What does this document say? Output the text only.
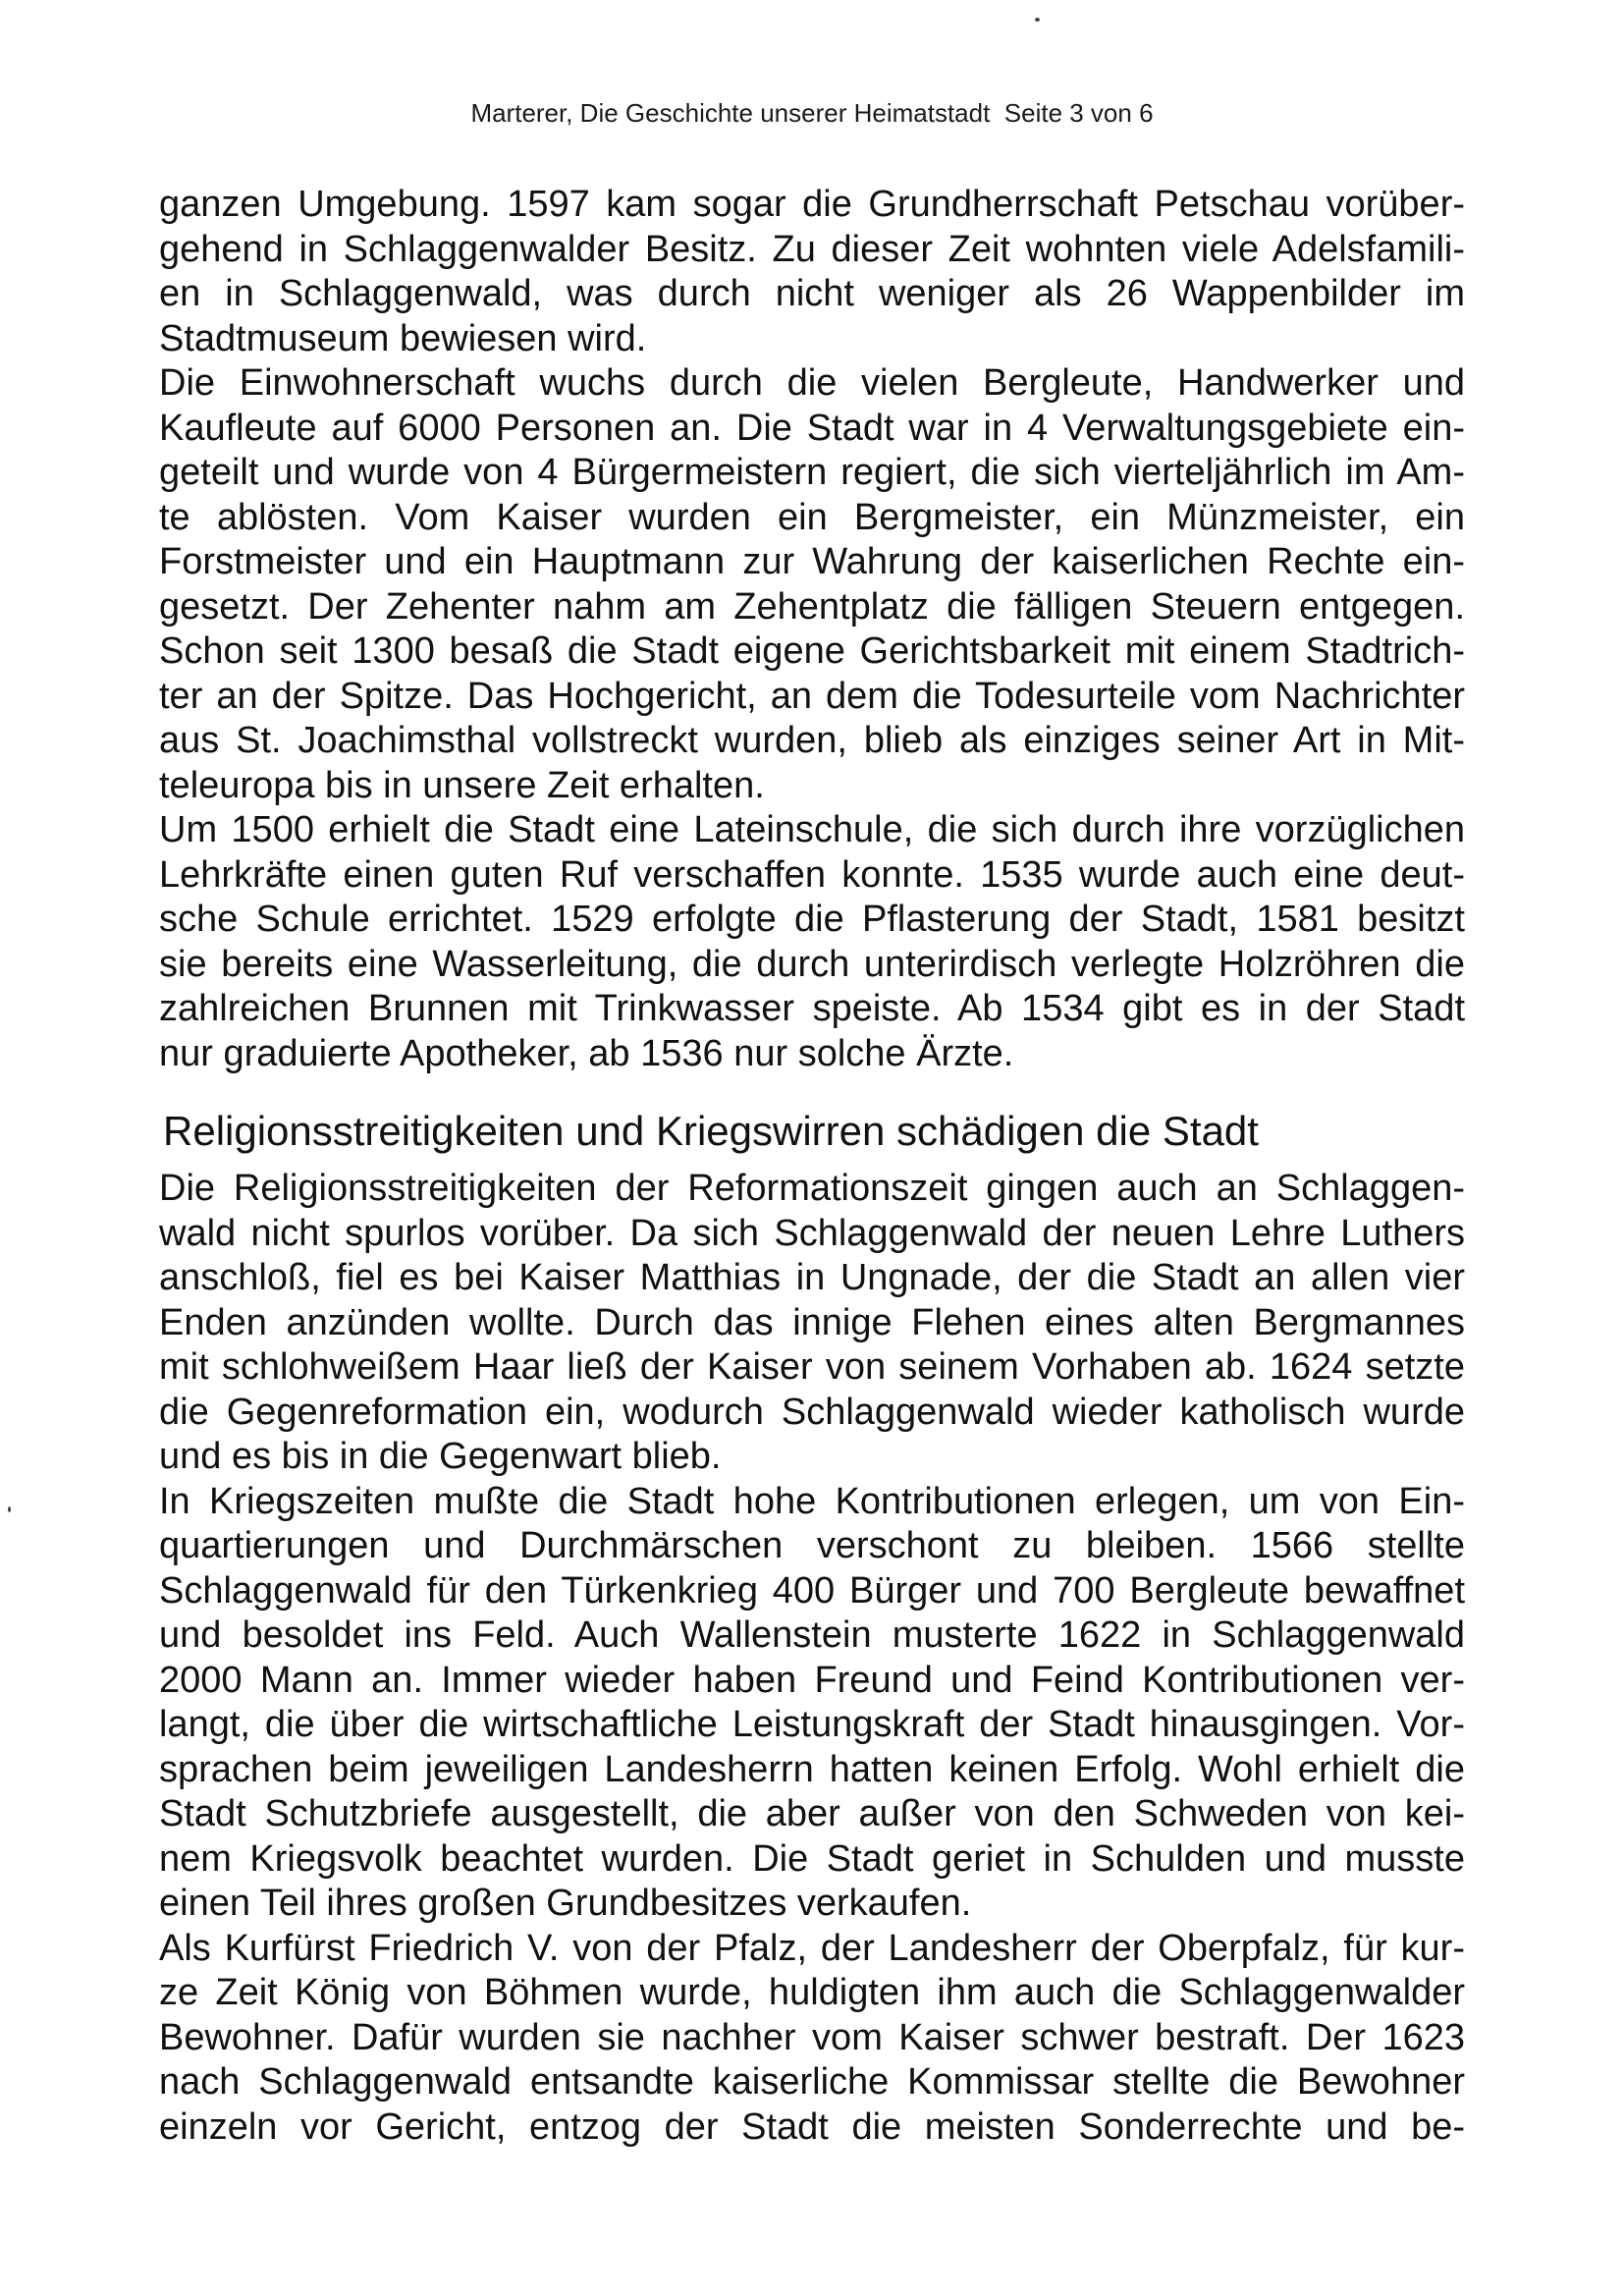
Marterer, Die Geschichte unserer Heimatstadt Seite 3 von 6
ganzen Umgebung. 1597 kam sogar die Grundherrschaft Petschau vorüber-
gehend in Schlaggenwalder Besitz. Zu dieser Zeit wohnten viele Adelsfamili-
en in Schlaggenwald, was durch nicht weniger als 26 Wappenbilder im
Stadtmuseum bewiesen wird.
Die Einwohnerschaft wuchs durch die vielen Bergleute, Handwerker und
Kaufleute auf 6000 Personen an. Die Stadt war in 4 Verwaltungsgebiete ein-
geteilt und wurde von 4 Bürgermeistern regiert, die sich vierteljährlich im Am-
te ablösten. Vom Kaiser wurden ein Bergmeister, ein Münzmeister, ein
Forstmeister und ein Hauptmann zur Wahrung der kaiserlichen Rechte ein-
gesetzt. Der Zehenter nahm am Zehentplatz die fälligen Steuern entgegen.
Schon seit 1300 besaß die Stadt eigene Gerichtsbarkeit mit einem Stadtrich-
ter an der Spitze. Das Hochgericht, an dem die Todesurteile vom Nachrichter
aus St. Joachimsthal vollstreckt wurden, blieb als einziges seiner Art in Mit-
teleuropa bis in unsere Zeit erhalten.
Um 1500 erhielt die Stadt eine Lateinschule, die sich durch ihre vorzüglichen
Lehrkräfte einen guten Ruf verschaffen konnte. 1535 wurde auch eine deut-
sche Schule errichtet. 1529 erfolgte die Pflasterung der Stadt, 1581 besitzt
sie bereits eine Wasserleitung, die durch unterirdisch verlegte Holzröhren die
zahlreichen Brunnen mit Trinkwasser speiste. Ab 1534 gibt es in der Stadt
nur graduierte Apotheker, ab 1536 nur solche Ärzte.
Religionsstreitigkeiten und Kriegswirren schädigen die Stadt
Die Religionsstreitigkeiten der Reformationszeit gingen auch an Schlaggen-
wald nicht spurlos vorüber. Da sich Schlaggenwald der neuen Lehre Luthers
anschloß, fiel es bei Kaiser Matthias in Ungnade, der die Stadt an allen vier
Enden anzünden wollte. Durch das innige Flehen eines alten Bergmannes
mit schlohweißem Haar ließ der Kaiser von seinem Vorhaben ab. 1624 setzte
die Gegenreformation ein, wodurch Schlaggenwald wieder katholisch wurde
und es bis in die Gegenwart blieb.
In Kriegszeiten mußte die Stadt hohe Kontributionen erlegen, um von Ein-
quartierungen und Durchmärschen verschont zu bleiben. 1566 stellte
Schlaggenwald für den Türkenkrieg 400 Bürger und 700 Bergleute bewaffnet
und besoldet ins Feld. Auch Wallenstein musterte 1622 in Schlaggenwald
2000 Mann an. Immer wieder haben Freund und Feind Kontributionen ver-
langt, die über die wirtschaftliche Leistungskraft der Stadt hinausgingen. Vor-
sprachen beim jeweiligen Landesherrn hatten keinen Erfolg. Wohl erhielt die
Stadt Schutzbriefe ausgestellt, die aber außer von den Schweden von kei-
nem Kriegsvolk beachtet wurden. Die Stadt geriet in Schulden und musste
einen Teil ihres großen Grundbesitzes verkaufen.
Als Kurfürst Friedrich V. von der Pfalz, der Landesherr der Oberpfalz, für kur-
ze Zeit König von Böhmen wurde, huldigten ihm auch die Schlaggenwalder
Bewohner. Dafür wurden sie nachher vom Kaiser schwer bestraft. Der 1623
nach Schlaggenwald entsandte kaiserliche Kommissar stellte die Bewohner
einzeln vor Gericht, entzog der Stadt die meisten Sonderrechte und be-
